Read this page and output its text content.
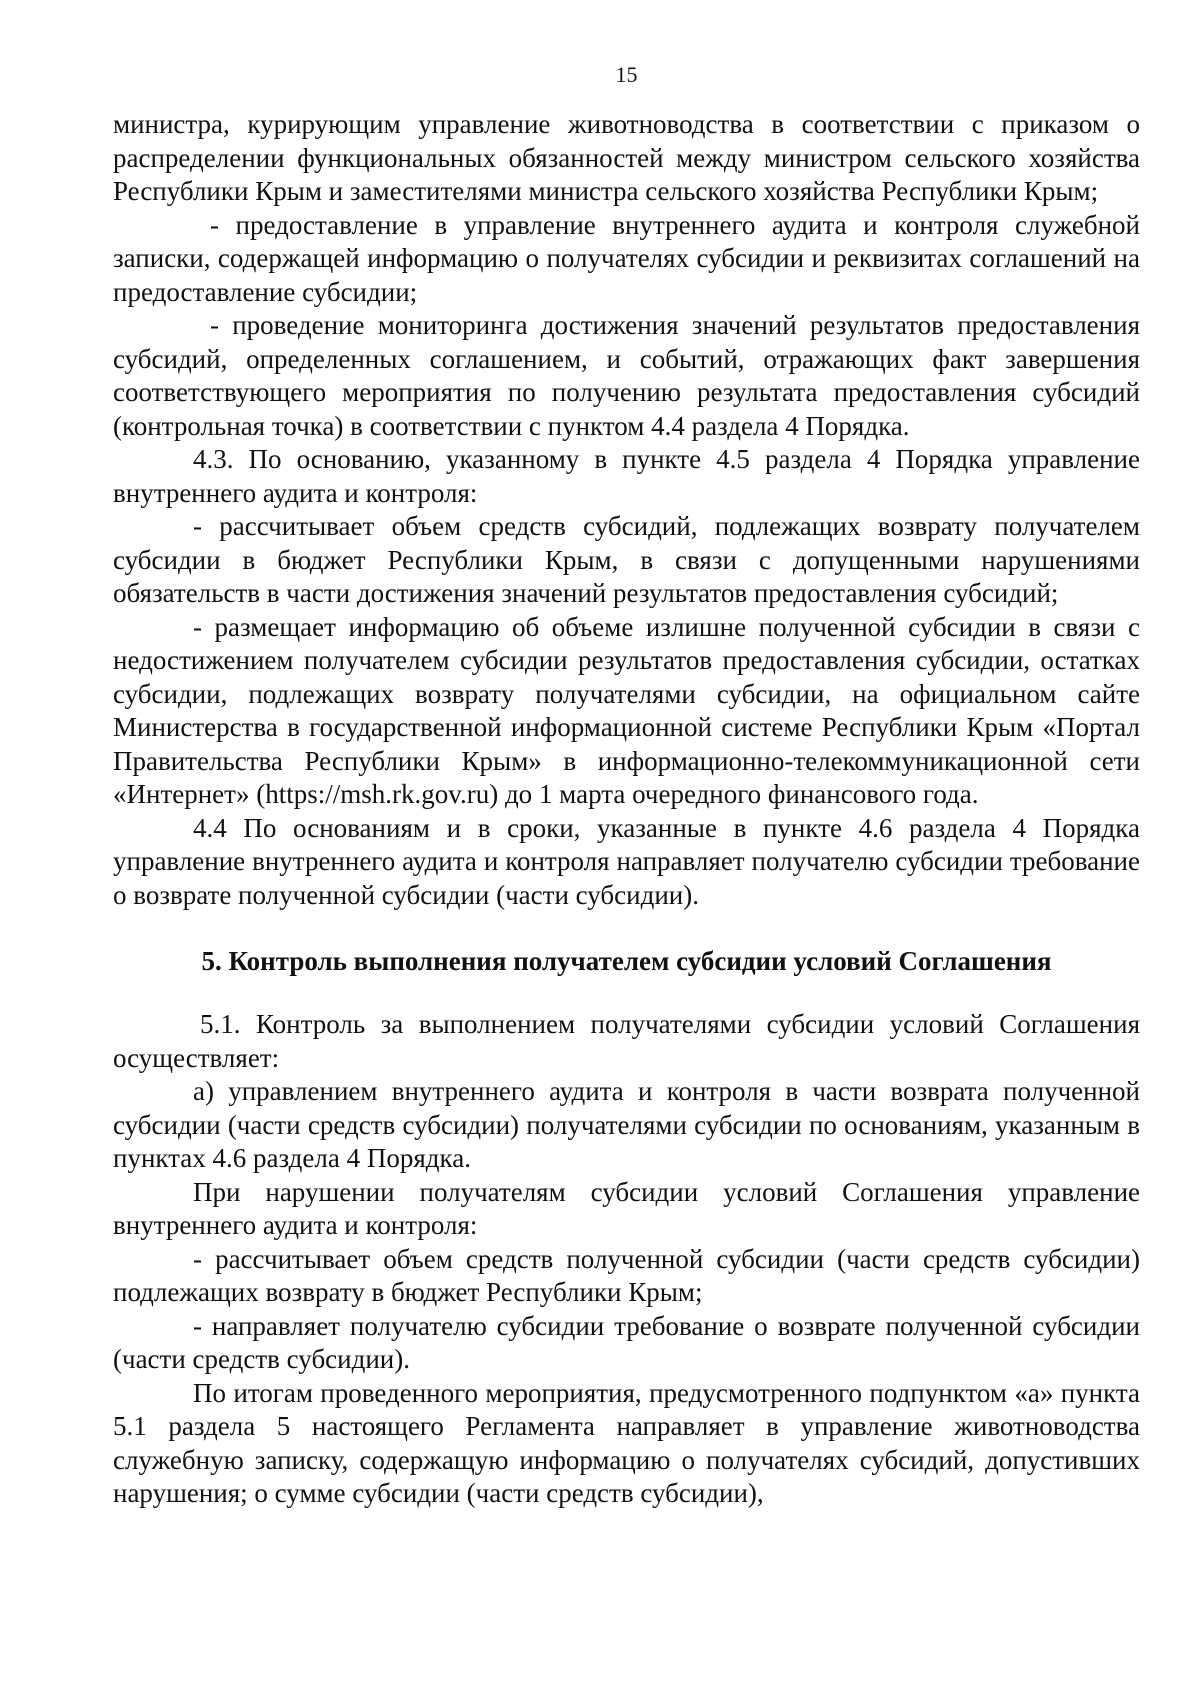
15

министра, курирующим управление животноводства в соответствии с приказом о распределении функциональных обязанностей между министром сельского хозяйства Республики Крым и заместителями министра сельского хозяйства Республики Крым;

- предоставление в управление внутреннего аудита и контроля служебной записки, содержащей информацию о получателях субсидии и реквизитах соглашений на предоставление субсидии;

- проведение мониторинга достижения значений результатов предоставления субсидий, определенных соглашением, и событий, отражающих факт завершения соответствующего мероприятия по получению результата предоставления субсидий (контрольная точка) в соответствии с пунктом 4.4 раздела 4 Порядка.

4.3. По основанию, указанному в пункте 4.5 раздела 4 Порядка управление внутреннего аудита и контроля:

- рассчитывает объем средств субсидий, подлежащих возврату получателем субсидии в бюджет Республики Крым, в связи с допущенными нарушениями обязательств в части достижения значений результатов предоставления субсидий;

- размещает информацию об объеме излишне полученной субсидии в связи с недостижением получателем субсидии результатов предоставления субсидии, остатках субсидии, подлежащих возврату получателями субсидии, на официальном сайте Министерства в государственной информационной системе Республики Крым «Портал Правительства Республики Крым» в информационно-телекоммуникационной сети «Интернет» (https://msh.rk.gov.ru) до 1 марта очередного финансового года.

4.4 По основаниям и в сроки, указанные в пункте 4.6 раздела 4 Порядка управление внутреннего аудита и контроля направляет получателю субсидии требование о возврате полученной субсидии (части субсидии).

5. Контроль выполнения получателем субсидии условий Соглашения

5.1. Контроль за выполнением получателями субсидии условий Соглашения осуществляет:

а) управлением внутреннего аудита и контроля в части возврата полученной субсидии (части средств субсидии) получателями субсидии по основаниям, указанным в пунктах 4.6 раздела 4 Порядка.

При нарушении получателям субсидии условий Соглашения управление внутреннего аудита и контроля:

- рассчитывает объем средств полученной субсидии (части средств субсидии) подлежащих возврату в бюджет Республики Крым;

- направляет получателю субсидии требование о возврате полученной субсидии (части средств субсидии).

По итогам проведенного мероприятия, предусмотренного подпунктом «а» пункта 5.1 раздела 5 настоящего Регламента направляет в управление животноводства служебную записку, содержащую информацию о получателях субсидий, допустивших нарушения; о сумме субсидии (части средств субсидии),
